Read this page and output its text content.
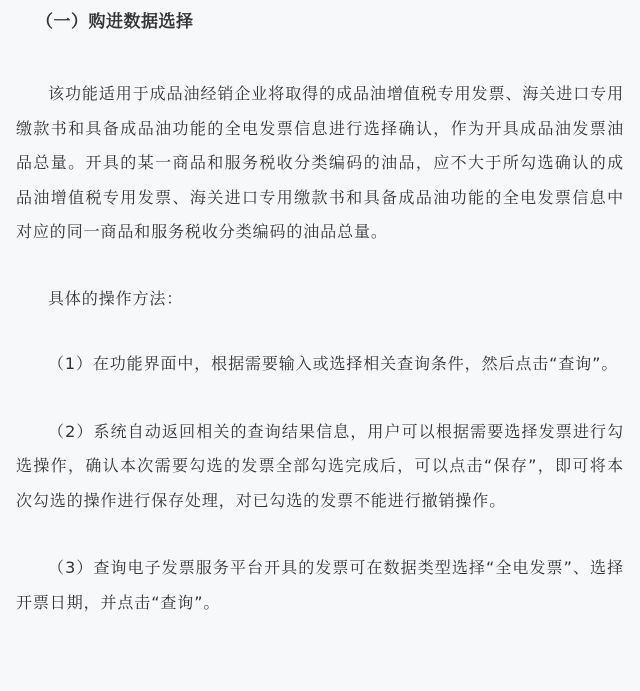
（一）购进数据选择

该功能适用于成品油经销企业将取得的成品油增值税专用发票、海关进口专用缴款书和具备成品油功能的全电发票信息进行选择确认，作为开具成品油发票油品总量。开具的某一商品和服务税收分类编码的油品，应不大于所勾选确认的成品油增值税专用发票、海关进口专用缴款书和具备成品油功能的全电发票信息中对应的同一商品和服务税收分类编码的油品总量。

具体的操作方法：

（1）在功能界面中，根据需要输入或选择相关查询条件，然后点击“查询”。

（2）系统自动返回相关的查询结果信息，用户可以根据需要选择发票进行勾选操作，确认本次需要勾选的发票全部勾选完成后，可以点击“保存”，即可将本次勾选的操作进行保存处理，对已勾选的发票不能进行撤销操作。

（3）查询电子发票服务平台开具的发票可在数据类型选择“全电发票”、选择开票日期，并点击“查询”。
